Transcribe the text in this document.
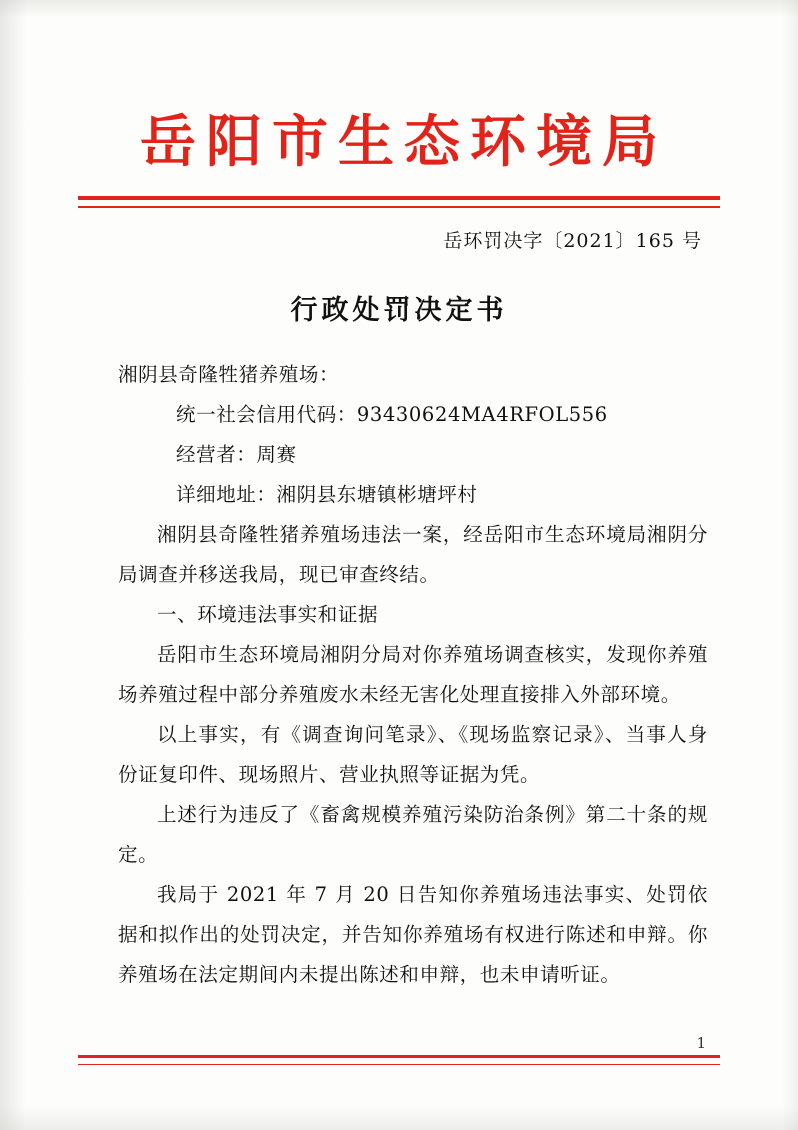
岳阳市生态环境局
岳环罚决字〔2021〕165 号
行政处罚决定书

湘阴县奇隆牲猪养殖场：

统一社会信用代码：93430624MA4RFOL556

经营者：周赛

详细地址：湘阴县东塘镇彬塘坪村

湘阴县奇隆牲猪养殖场违法一案，经岳阳市生态环境局湘阴分局调查并移送我局，现已审查终结。

一、环境违法事实和证据

岳阳市生态环境局湘阴分局对你养殖场调查核实，发现你养殖场养殖过程中部分养殖废水未经无害化处理直接排入外部环境。

以上事实，有《调查询问笔录》、《现场监察记录》、当事人身份证复印件、现场照片、营业执照等证据为凭。

上述行为违反了《畜禽规模养殖污染防治条例》第二十条的规定。

我局于 2021 年 7 月 20 日告知你养殖场违法事实、处罚依据和拟作出的处罚决定，并告知你养殖场有权进行陈述和申辩。你养殖场在法定期间内未提出陈述和申辩，也未申请听证。

1
